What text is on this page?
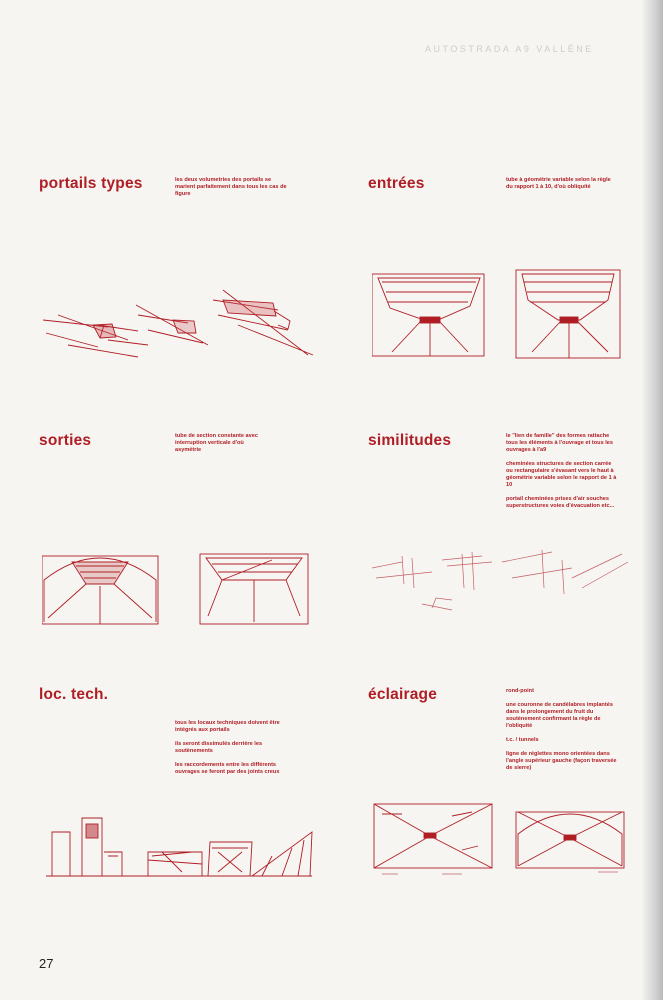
AUTOSTRADA A9 VALLÈNE
portails types	les deux volumetries des portails se marient parfaitement dans tous les cas de figure
entrées	tube à géométrie variable selon la règle du rapport 1 à 10, d'où obliquité
sorties	tube de section constante avec interruption verticale d'où asymétrie
similitudes	le "lien de famille" des formes rattache tous les éléments à l'ouvrage et tous les ouvrages à l'a9

cheminées structures de section carrée ou rectangulaire s'évasant vers le haut à géométrie variable selon le rapport de 1 à 10

portail cheminées prises d'air souches superstructures voies d'évacuation etc...

loc. tech.

tous les locaux techniques doivent être intégrés aux portails

ils seront dissimulés derrière les soutènements

les raccordements entre les différents ouvrages se feront par des joints creux

éclairage	rond-point

une couronne de candélabres implantés dans le prolongement du fruit du soutènement confirmant la règle de l'obliquité

t.c. / tunnels

ligne de réglettes mono orientées dans l'angle supérieur gauche (façon traversée de sierre)

27
